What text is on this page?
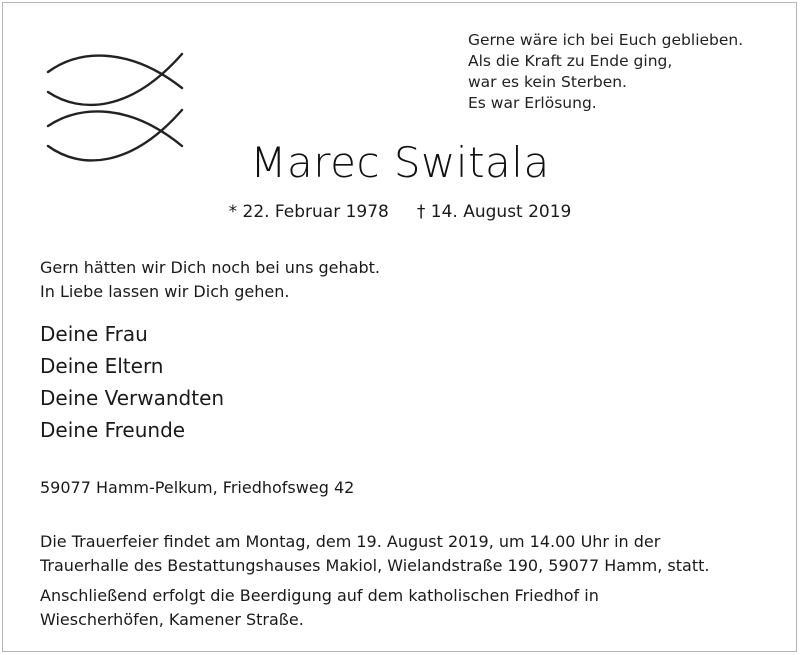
Gerne wäre ich bei Euch geblieben.
Als die Kraft zu Ende ging,
war es kein Sterben.
Es war Erlösung.
Marec Switala
* 22. Februar 1978 † 14. August 2019
Gern hätten wir Dich noch bei uns gehabt.
In Liebe lassen wir Dich gehen.
Deine Frau
Deine Eltern
Deine Verwandten
Deine Freunde
59077 Hamm-Pelkum, Friedhofsweg 42
Die Trauerfeier findet am Montag, dem 19. August 2019, um 14.00 Uhr in der
Trauerhalle des Bestattungshauses Makiol, Wielandstraße 190, 59077 Hamm, statt.
Anschließend erfolgt die Beerdigung auf dem katholischen Friedhof in
Wiescherhöfen, Kamener Straße.
